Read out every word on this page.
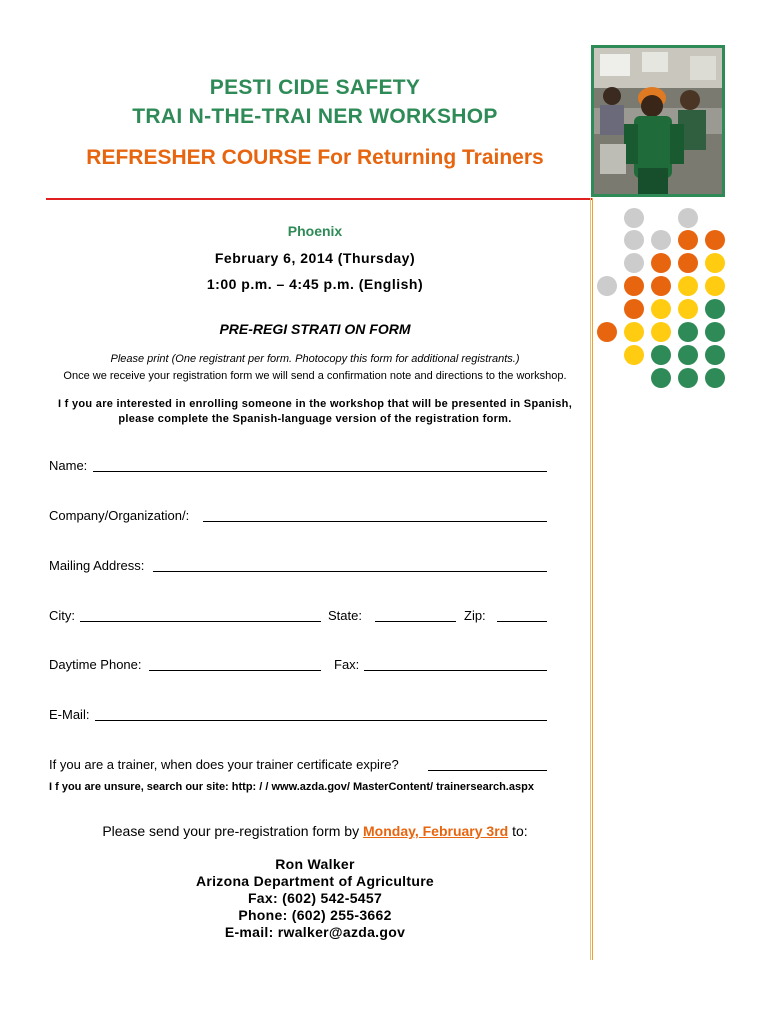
PESTI CIDE SAFETY
TRAI N-THE-TRAI NER WORKSHOP
REFRESHER COURSE For Returning Trainers
Phoenix
February 6, 2014 (Thursday)
1:00 p.m. – 4:45 p.m. (English)
PRE-REGI STRATI ON FORM
Please print (One registrant per form. Photocopy this form for additional registrants.)
Once we receive your registration form we will send a confirmation note and directions to the workshop.
I f you are interested in enrolling someone in the workshop that will be presented in Spanish,
please complete the Spanish-language version of the registration form.
Name:
Company/Organization/:
Mailing Address:
City:	State:	Zip:
Daytime Phone:	Fax:
E-Mail:
If you are a trainer, when does your trainer certificate expire?
I f you are unsure, search our site: http: / / www.azda.gov/ MasterContent/ trainersearch.aspx
Please send your pre-registration form by Monday, February 3rd to:
Ron Walker
Arizona Department of Agriculture
Fax: (602) 542-5457
Phone: (602) 255-3662
E-mail: rwalker@azda.gov
